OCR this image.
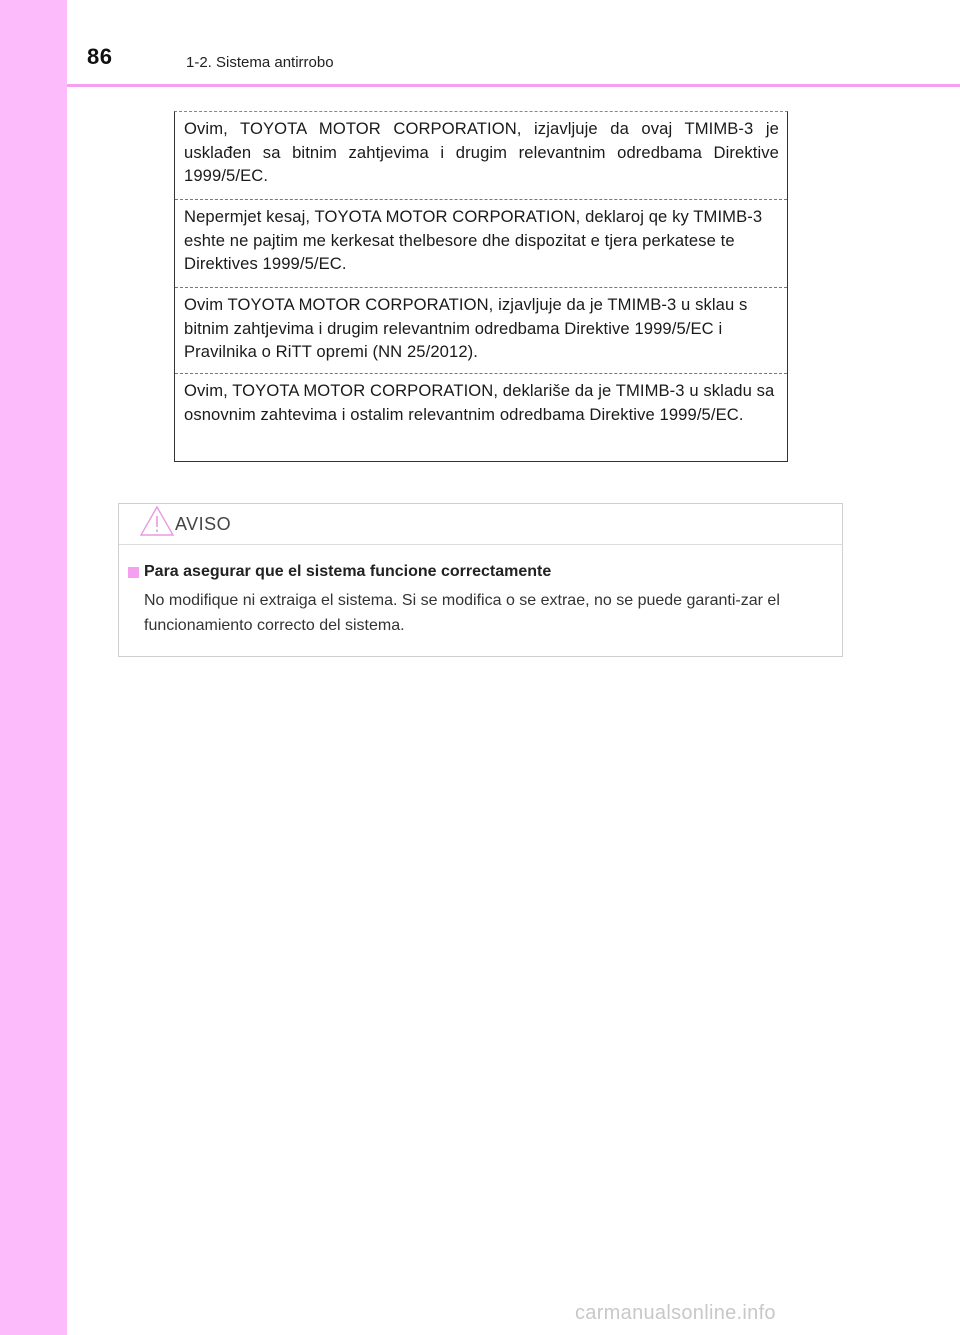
86	1-2. Sistema antirrobo
Ovim, TOYOTA MOTOR CORPORATION, izjavljuje da ovaj TMIMB-3 je usklađen sa bitnim zahtjevima i drugim relevantnim odredbama Direktive 1999/5/EC.
Nepermjet kesaj, TOYOTA MOTOR CORPORATION, deklaroj qe ky TMIMB-3 eshte ne pajtim me kerkesat thelbesore dhe dispozitat e tjera perkatese te Direktives 1999/5/EC.
Ovim TOYOTA MOTOR CORPORATION, izjavljuje da je TMIMB-3 u sklau s bitnim zahtjevima i drugim relevantnim odredbama Direktive 1999/5/EC i Pravilnika o RiTT opremi (NN 25/2012).
Ovim, TOYOTA MOTOR CORPORATION, deklariše da je TMIMB-3 u skladu sa osnovnim zahtevima i ostalim relevantnim odredbama Direktive 1999/5/EC.
AVISO
Para asegurar que el sistema funcione correctamente
No modifique ni extraiga el sistema. Si se modifica o se extrae, no se puede garanti-zar el funcionamiento correcto del sistema.
carmanualsonline.info
